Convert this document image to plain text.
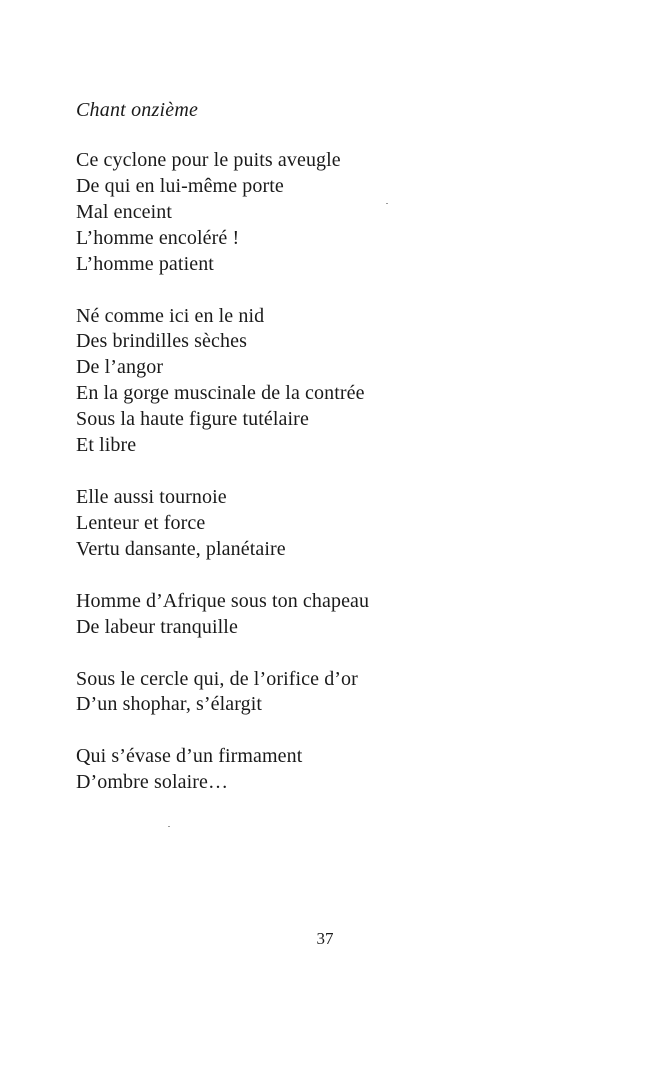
Chant onzième
Ce cyclone pour le puits aveugle
De qui en lui-même porte
Mal enceint
L’homme encoléré !
L’homme patient
Né comme ici en le nid
Des brindilles sèches
De l’angor
En la gorge muscinale de la contrée
Sous la haute figure tutélaire
Et libre
Elle aussi tournoie
Lenteur et force
Vertu dansante, planétaire
Homme d’Afrique sous ton chapeau
De labeur tranquille
Sous le cercle qui, de l’orifice d’or
D’un shophar, s’élargit
Qui s’évase d’un firmament
D’ombre solaire…
37
